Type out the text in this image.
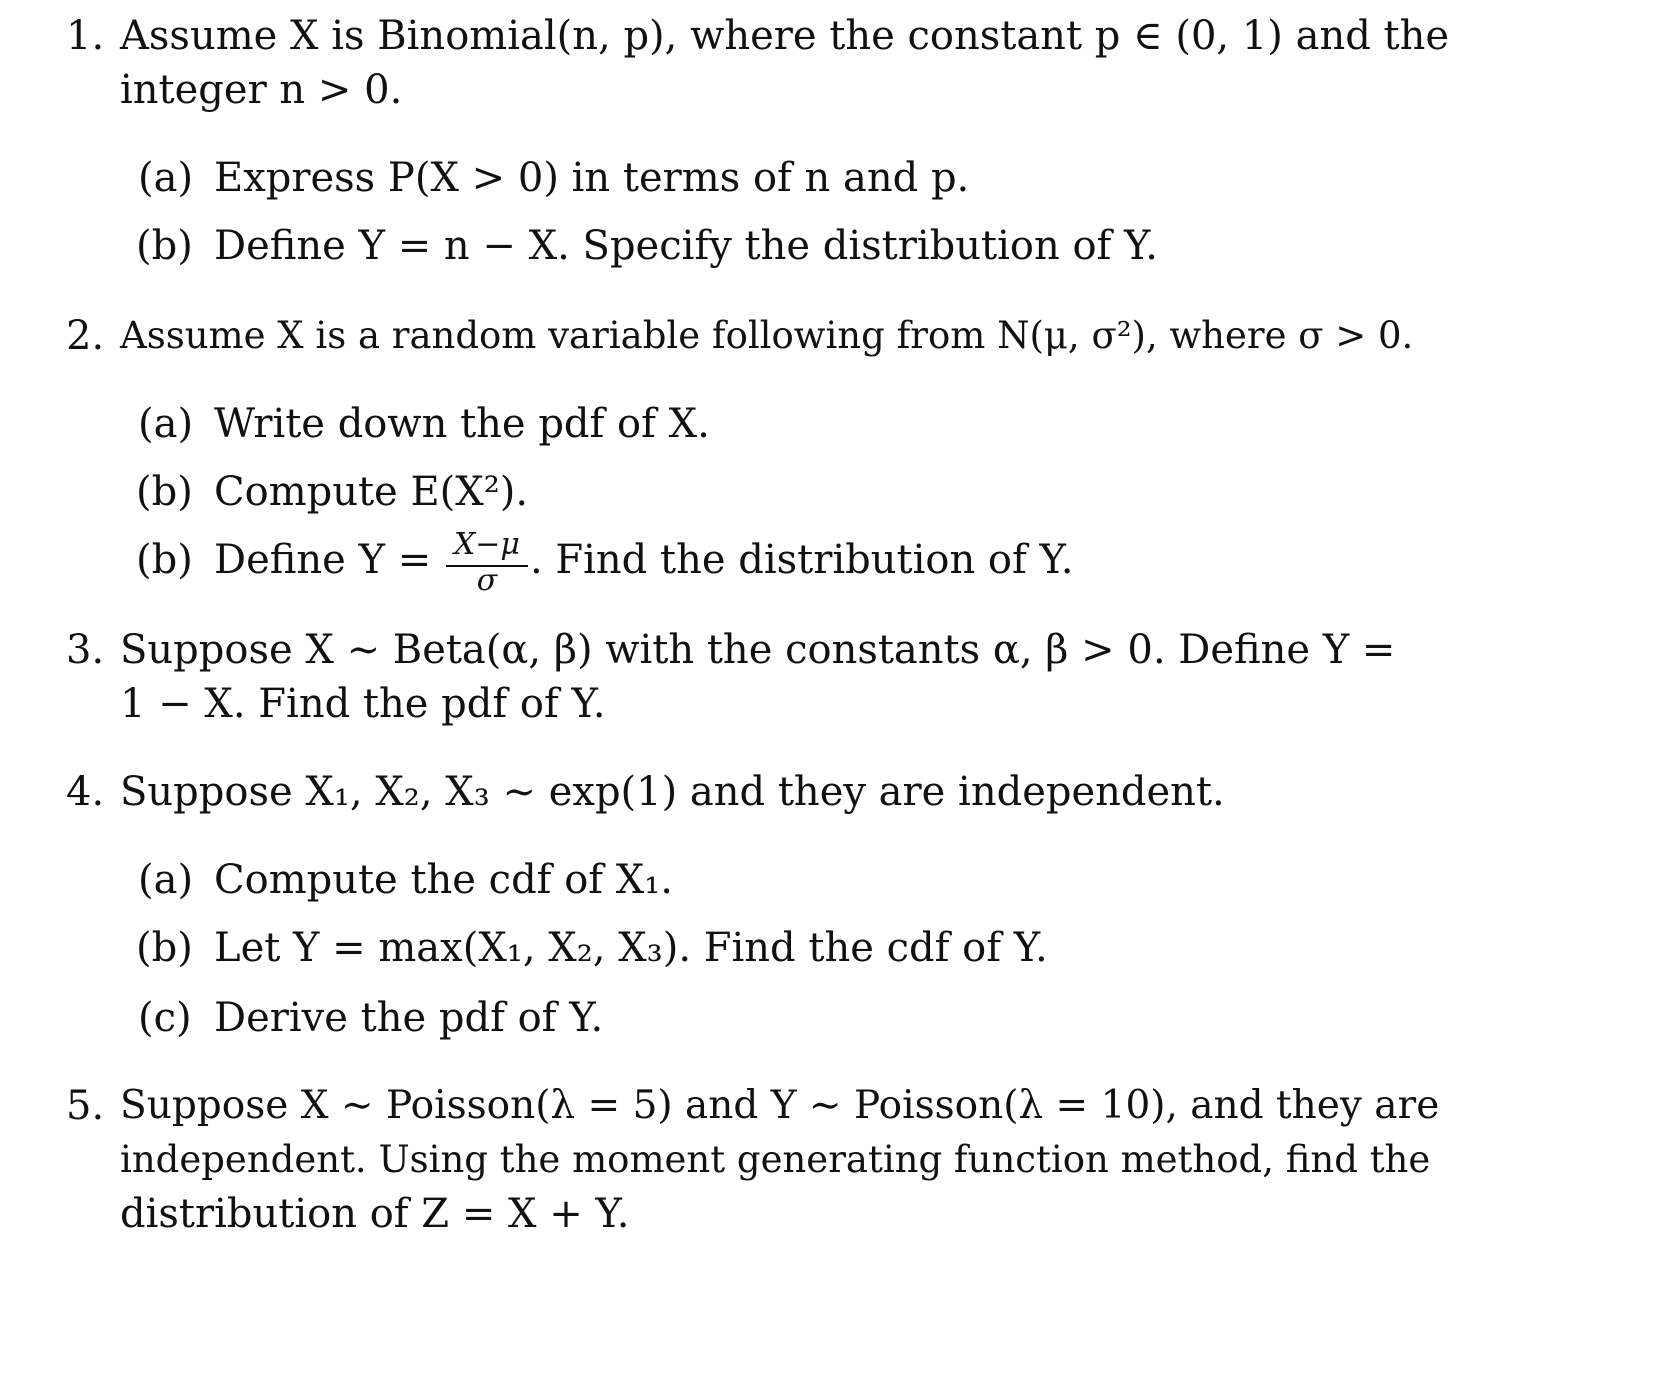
1. Assume X is Binomial(n, p), where the constant p ∈ (0, 1) and the
integer n > 0.
(a) Express P(X > 0) in terms of n and p.
(b) Define Y = n − X. Specify the distribution of Y.
2. Assume X is a random variable following from N(μ, σ²), where σ > 0.
(a) Write down the pdf of X.
(b) Compute E(X²).
(b) Define $Y = \frac{X-\mu}{\sigma}$ . Find the distribution of Y.
3. Suppose X ∼ Beta(α, β) with the constants α, β > 0. Define Y =
1 − X. Find the pdf of Y.
4. Suppose X₁, X₂, X₃ ∼ exp(1) and they are independent.
(a) Compute the cdf of X₁.
(b) Let Y = max(X₁, X₂, X₃). Find the cdf of Y.
(c) Derive the pdf of Y.
5. Suppose X ∼ Poisson(λ = 5) and Y ∼ Poisson(λ = 10), and they are
independent. Using the moment generating function method, find the
distribution of Z = X + Y.
